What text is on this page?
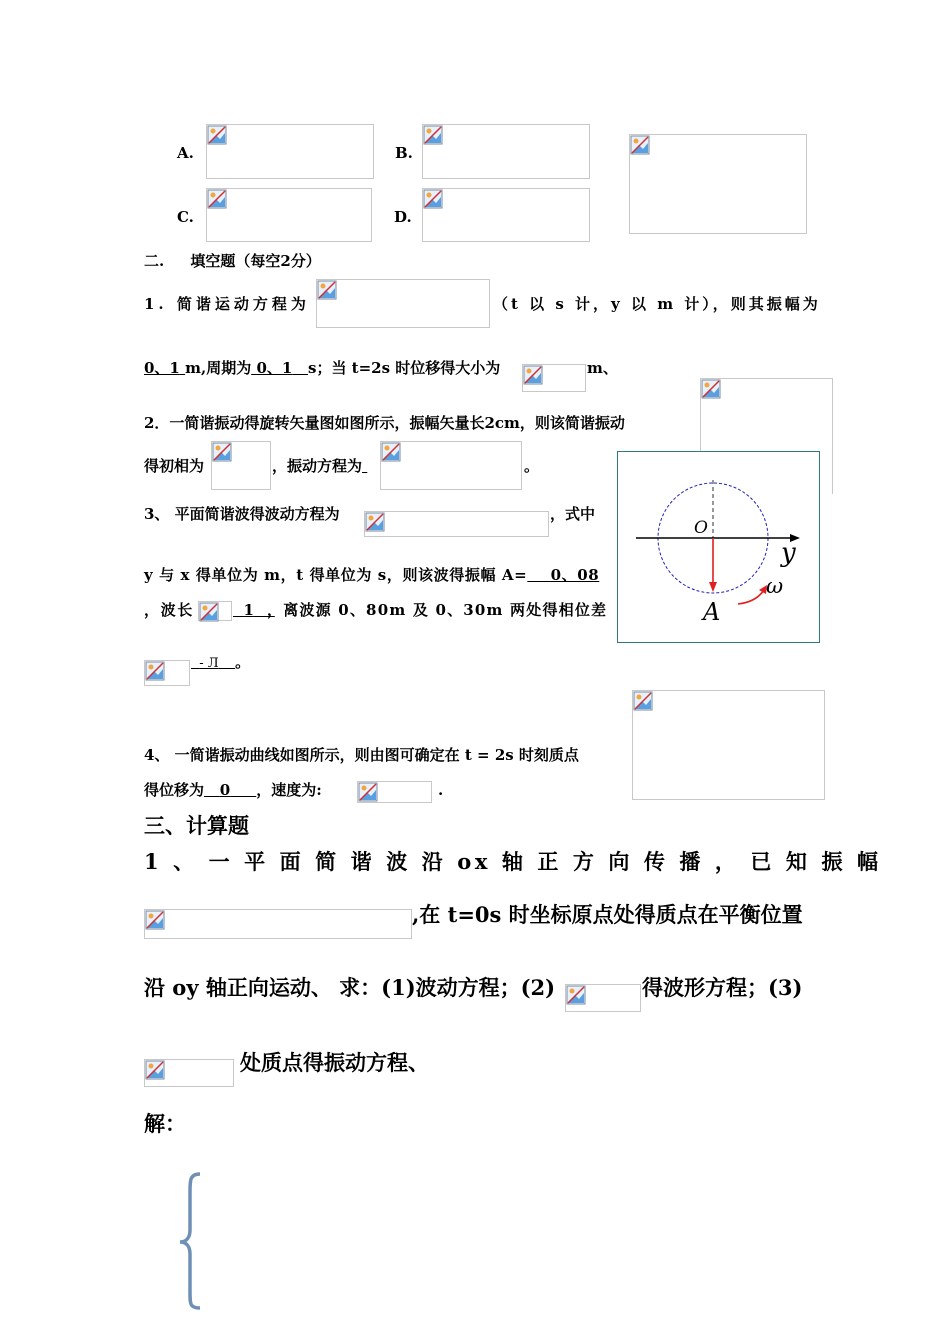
A.	B.
C.	D.
二.     填空题（每空2分）
1. 简谐运动方程为	（t 以 s 计，y 以 m 计），则其振幅为
0、1 m,周期为 0、1 s；当 t=2s 时位移得大小为	m、
2．一简谐振动得旋转矢量图如图所示，振幅矢量长2cm，则该简谐振动
得初相为	，振动方程为	。
O
y
ω
A
3、 平面简谐波得波动方程为	，式中
y 与 x 得单位为 m，t 得单位为 s，则该波得振幅 A= 0、08
，波长	1 ，离波源 0、80m 及 0、30m 两处得相位差
- Л 。
4、 一简谐振动曲线如图所示，则由图可确定在 t = 2s 时刻质点
得位移为 0 ，速度为:	.
三、计算题
1 、 一 平 面 简 谐 波 沿 ox 轴 正 方 向 传 播 ， 已 知 振 幅
,在 t=0s 时坐标原点处得质点在平衡位置
沿 oy 轴正向运动、 求：(1)波动方程；(2)	得波形方程；(3)
处质点得振动方程、
解：
